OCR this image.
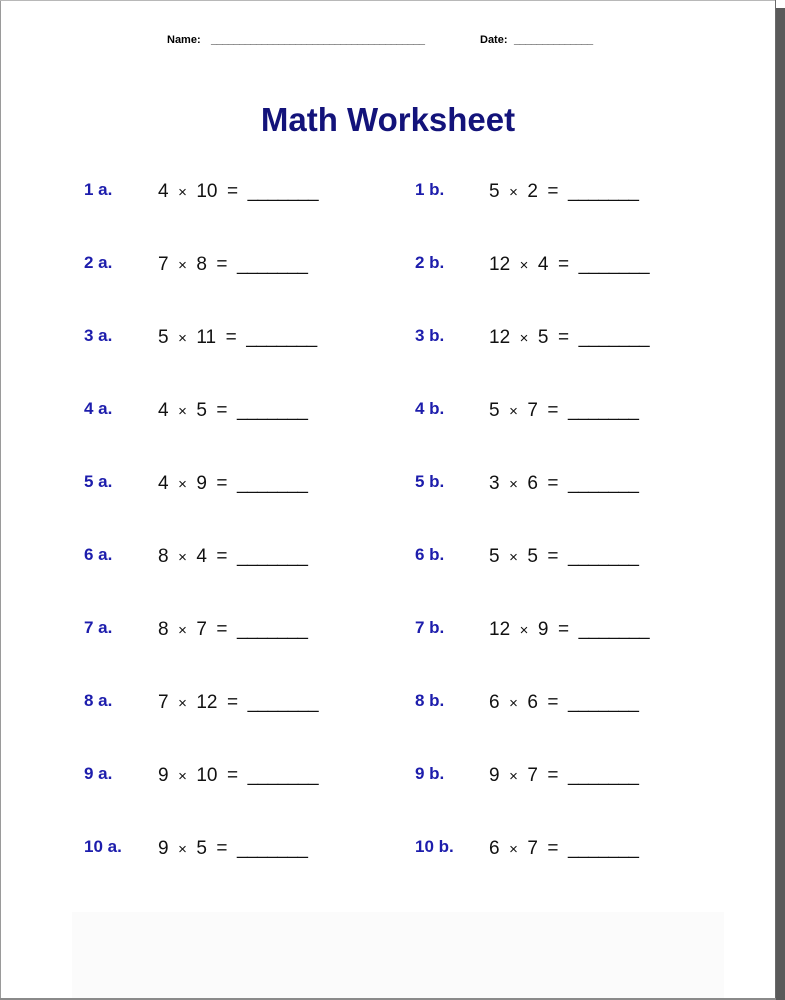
Name: ______________________________________	Date: ______________
Math Worksheet
1 a. 4  ×  10  =  _______	1 b. 5  ×  2  =  _______
2 a. 7  ×  8  =  _______	2 b. 12  ×  4  =  _______
3 a. 5  ×  11  =  _______	3 b. 12  ×  5  =  _______
4 a. 4  ×  5  =  _______	4 b. 5  ×  7  =  _______
5 a. 4  ×  9  =  _______	5 b. 3  ×  6  =  _______
6 a. 8  ×  4  =  _______	6 b. 5  ×  5  =  _______
7 a. 8  ×  7  =  _______	7 b. 12  ×  9  =  _______
8 a. 7  ×  12  =  _______	8 b. 6  ×  6  =  _______
9 a. 9  ×  10  =  _______	9 b. 9  ×  7  =  _______
10 a. 9  ×  5  =  _______	10 b. 6  ×  7  =  _______
